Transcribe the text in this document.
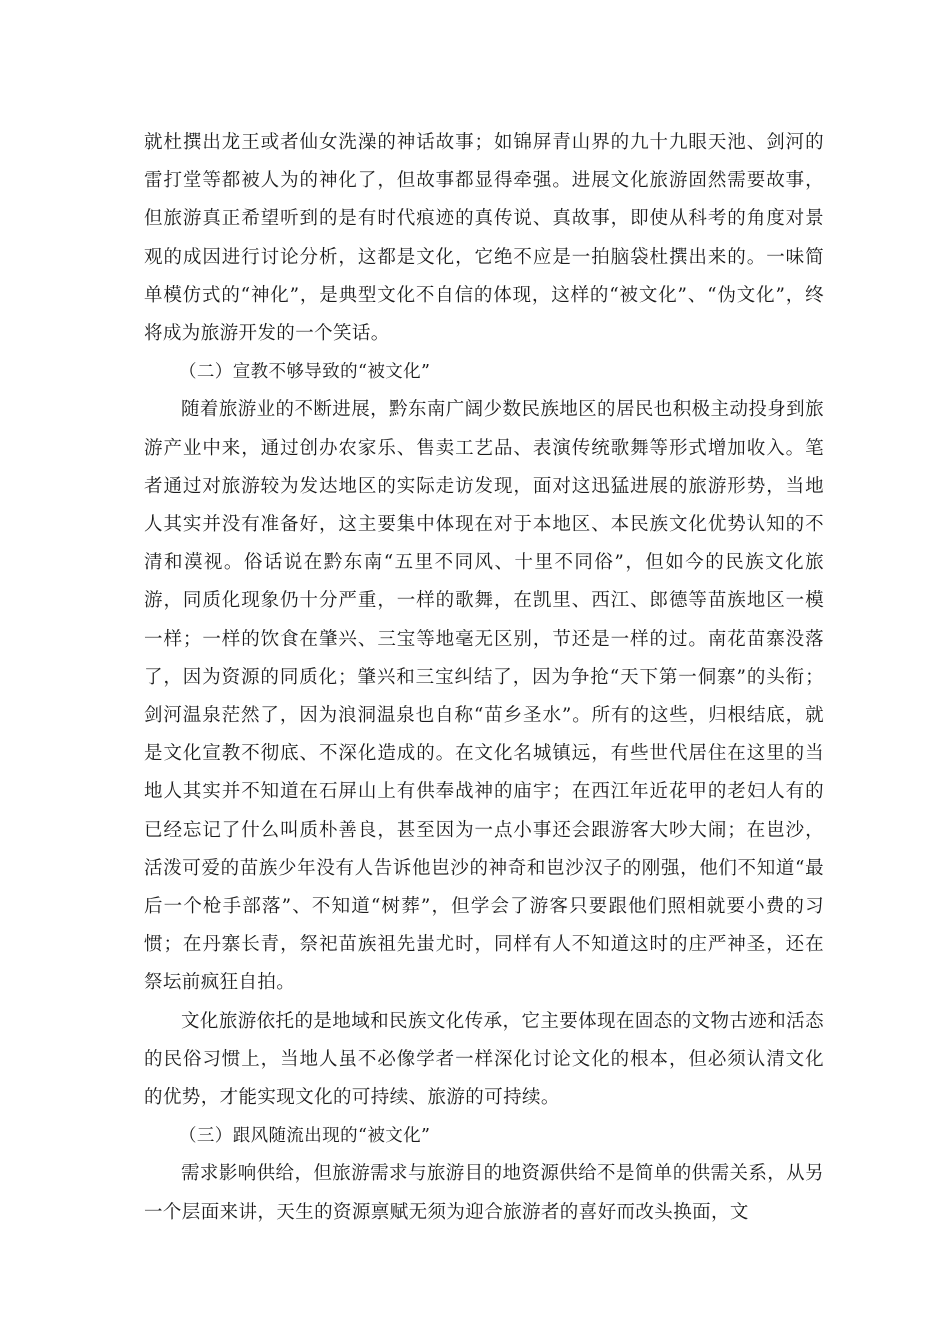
就杜撰出龙王或者仙女洗澡的神话故事；如锦屏青山界的九十九眼天池、剑河的雷打堂等都被人为的神化了，但故事都显得牵强。进展文化旅游固然需要故事，但旅游真正希望听到的是有时代痕迹的真传说、真故事，即使从科考的角度对景观的成因进行讨论分析，这都是文化，它绝不应是一拍脑袋杜撰出来的。一味简单模仿式的“神化”，是典型文化不自信的体现，这样的“被文化”、“伪文化”，终将成为旅游开发的一个笑话。

（二）宣教不够导致的“被文化”

随着旅游业的不断进展，黔东南广阔少数民族地区的居民也积极主动投身到旅游产业中来，通过创办农家乐、售卖工艺品、表演传统歌舞等形式增加收入。笔者通过对旅游较为发达地区的实际走访发现，面对这迅猛进展的旅游形势，当地人其实并没有准备好，这主要集中体现在对于本地区、本民族文化优势认知的不清和漠视。俗话说在黔东南“五里不同风、十里不同俗”，但如今的民族文化旅游，同质化现象仍十分严重，一样的歌舞，在凯里、西江、郎德等苗族地区一模一样；一样的饮食在肇兴、三宝等地毫无区别，节还是一样的过。南花苗寨没落了，因为资源的同质化；肇兴和三宝纠结了，因为争抢“天下第一侗寨”的头衔；剑河温泉茫然了，因为浪洞温泉也自称“苗乡圣水”。所有的这些，归根结底，就是文化宣教不彻底、不深化造成的。在文化名城镇远，有些世代居住在这里的当地人其实并不知道在石屏山上有供奉战神的庙宇；在西江年近花甲的老妇人有的已经忘记了什么叫质朴善良，甚至因为一点小事还会跟游客大吵大闹；在岜沙，活泼可爱的苗族少年没有人告诉他岜沙的神奇和岜沙汉子的刚强，他们不知道“最后一个枪手部落”、不知道“树葬”，但学会了游客只要跟他们照相就要小费的习惯；在丹寨长青，祭祀苗族祖先蚩尤时，同样有人不知道这时的庄严神圣，还在祭坛前疯狂自拍。

文化旅游依托的是地域和民族文化传承，它主要体现在固态的文物古迹和活态的民俗习惯上，当地人虽不必像学者一样深化讨论文化的根本，但必须认清文化的优势，才能实现文化的可持续、旅游的可持续。

（三）跟风随流出现的“被文化”

需求影响供给，但旅游需求与旅游目的地资源供给不是简单的供需关系，从另一个层面来讲，天生的资源禀赋无须为迎合旅游者的喜好而改头换面，文
